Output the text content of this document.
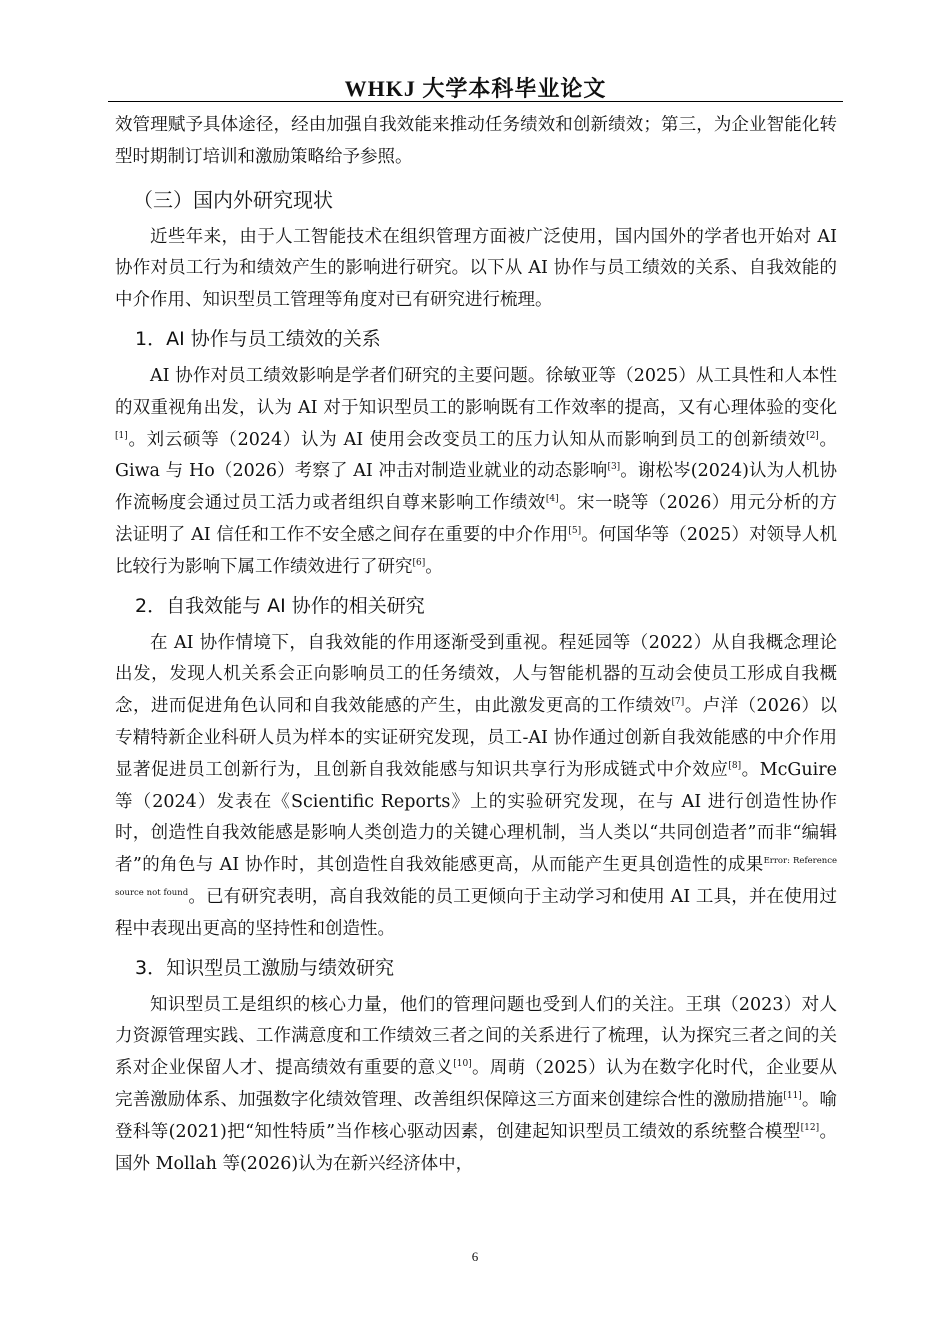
WHKJ 大学本科毕业论文

效管理赋予具体途径，经由加强自我效能来推动任务绩效和创新绩效；第三，为企业智能化转型时期制订培训和激励策略给予参照。

（三）国内外研究现状

近些年来，由于人工智能技术在组织管理方面被广泛使用，国内国外的学者也开始对 AI 协作对员工行为和绩效产生的影响进行研究。以下从 AI 协作与员工绩效的关系、自我效能的中介作用、知识型员工管理等角度对已有研究进行梳理。

1．AI 协作与员工绩效的关系

AI 协作对员工绩效影响是学者们研究的主要问题。徐敏亚等（2025）从工具性和人本性的双重视角出发，认为 AI 对于知识型员工的影响既有工作效率的提高，又有心理体验的变化[1]。刘云硕等（2024）认为 AI 使用会改变员工的压力认知从而影响到员工的创新绩效[2]。Giwa 与 Ho（2026）考察了 AI 冲击对制造业就业的动态影响[3]。谢松岑(2024)认为人机协作流畅度会通过员工活力或者组织自尊来影响工作绩效[4]。宋一晓等（2026）用元分析的方法证明了 AI 信任和工作不安全感之间存在重要的中介作用[5]。何国华等（2025）对领导人机比较行为影响下属工作绩效进行了研究[6]。

2．自我效能与 AI 协作的相关研究

在 AI 协作情境下，自我效能的作用逐渐受到重视。程延园等（2022）从自我概念理论出发，发现人机关系会正向影响员工的任务绩效，人与智能机器的互动会使员工形成自我概念，进而促进角色认同和自我效能感的产生，由此激发更高的工作绩效[7]。卢洋（2026）以专精特新企业科研人员为样本的实证研究发现，员工-AI 协作通过创新自我效能感的中介作用显著促进员工创新行为，且创新自我效能感与知识共享行为形成链式中介效应[8]。McGuire 等（2024）发表在《Scientific Reports》上的实验研究发现，在与 AI 进行创造性协作时，创造性自我效能感是影响人类创造力的关键心理机制，当人类以“共同创造者”而非“编辑者”的角色与 AI 协作时，其创造性自我效能感更高，从而能产生更具创造性的成果$^{Error: Reference source not found}$。已有研究表明，高自我效能的员工更倾向于主动学习和使用 AI 工具，并在使用过程中表现出更高的坚持性和创造性。

3．知识型员工激励与绩效研究

知识型员工是组织的核心力量，他们的管理问题也受到人们的关注。王琪（2023）对人力资源管理实践、工作满意度和工作绩效三者之间的关系进行了梳理，认为探究三者之间的关系对企业保留人才、提高绩效有重要的意义[10]。周萌（2025）认为在数字化时代，企业要从完善激励体系、加强数字化绩效管理、改善组织保障这三方面来创建综合性的激励措施[11]。喻登科等(2021)把“知性特质”当作核心驱动因素，创建起知识型员工绩效的系统整合模型[12]。国外 Mollah 等(2026)认为在新兴经济体中，

6
